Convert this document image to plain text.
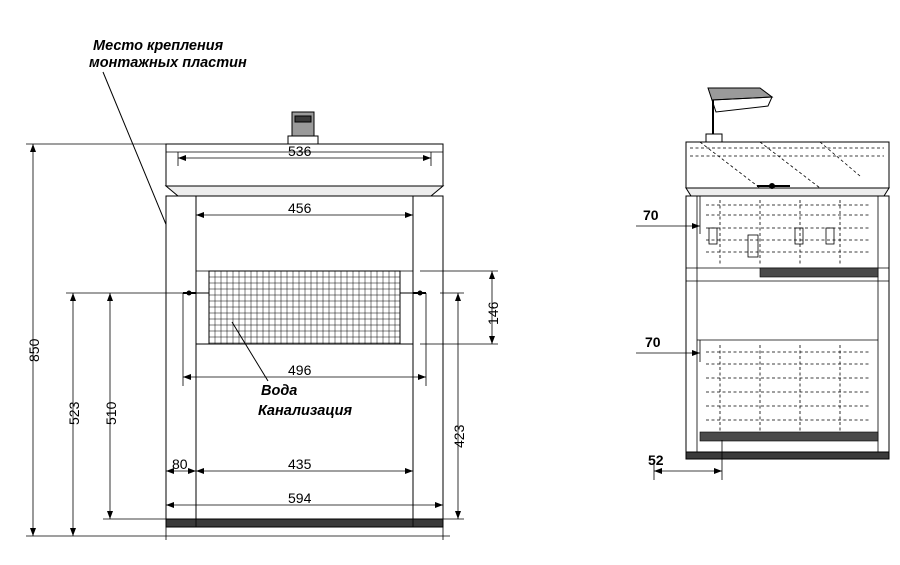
Место крепления
монтажных пластин
Вода
Канализация
536
456
496
435
594
80
850
523 510
146
423
70
70
52
